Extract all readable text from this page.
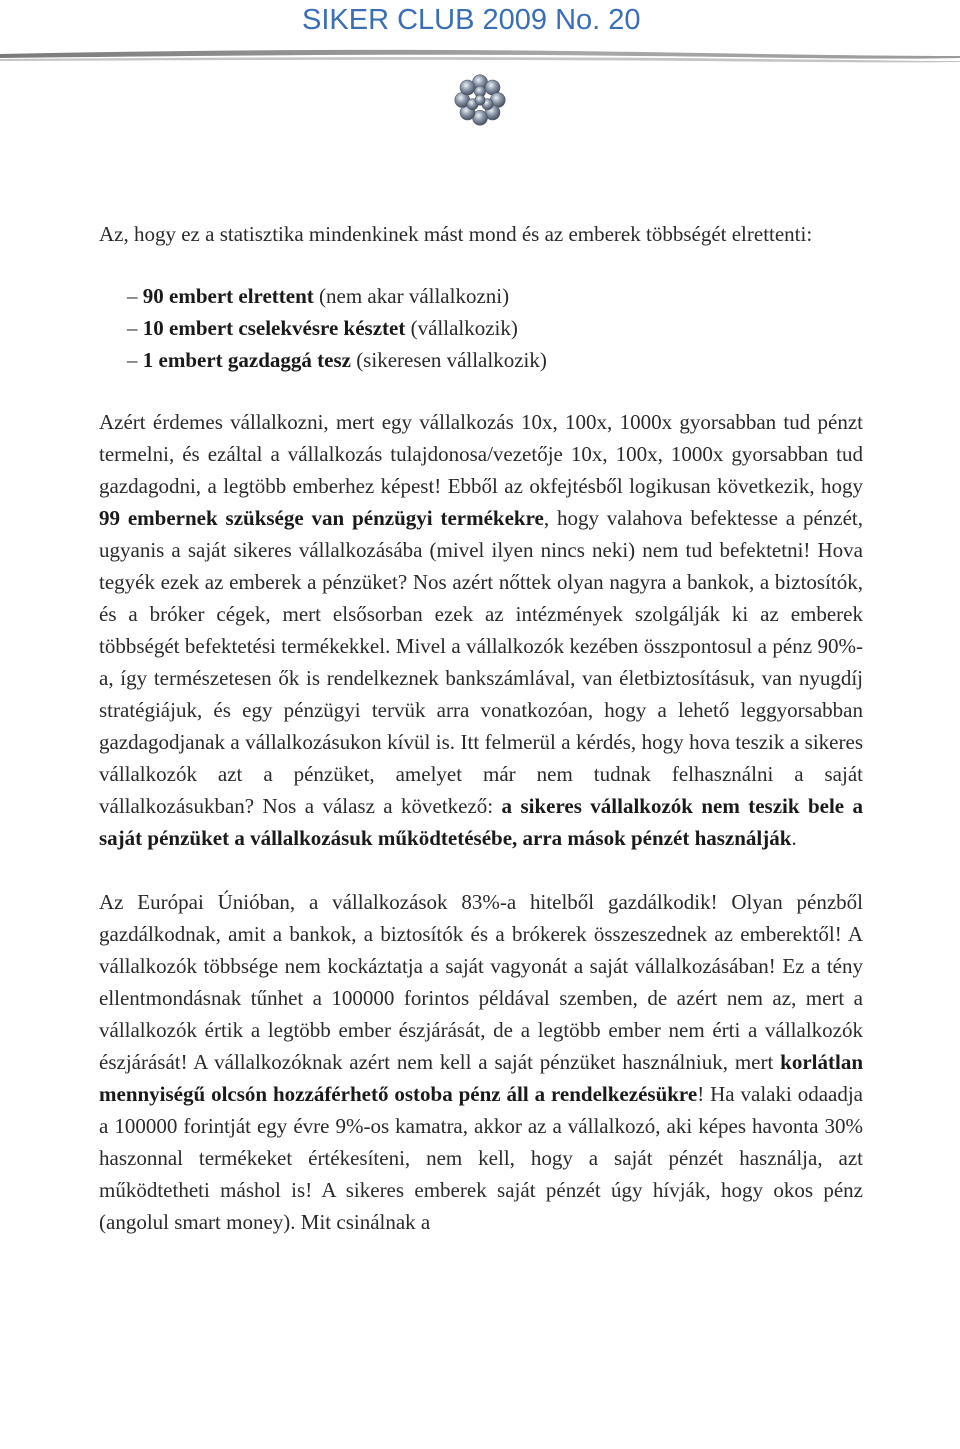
SIKER CLUB 2009 No. 20

Az, hogy ez a statisztika mindenkinek mást mond és az emberek többségét elrettenti:

– 90 embert elrettent (nem akar vállalkozni)
– 10 embert cselekvésre késztet (vállalkozik)
– 1 embert gazdaggá tesz (sikeresen vállalkozik)

Azért érdemes vállalkozni, mert egy vállalkozás 10x, 100x, 1000x gyorsabban tud pénzt termelni, és ezáltal a vállalkozás tulajdonosa/vezetője 10x, 100x, 1000x gyorsabban tud gazdagodni, a legtöbb emberhez képest! Ebből az okfejtésből logikusan következik, hogy 99 embernek szüksége van pénzügyi termékekre, hogy valahova befektesse a pénzét, ugyanis a saját sikeres vállalkozásába (mivel ilyen nincs neki) nem tud befektetni! Hova tegyék ezek az emberek a pénzüket? Nos azért nőttek olyan nagyra a bankok, a biztosítók, és a bróker cégek, mert elsősorban ezek az intézmények szolgálják ki az emberek többségét befektetési termékekkel. Mivel a vállalkozók kezében összpontosul a pénz 90%-a, így természetesen ők is rendelkeznek bankszámlával, van életbiztosításuk, van nyugdíj stratégiájuk, és egy pénzügyi tervük arra vonatkozóan, hogy a lehető leggyorsabban gazdagodjanak a vállalkozásukon kívül is. Itt felmerül a kérdés, hogy hova teszik a sikeres vállalkozók azt a pénzüket, amelyet már nem tudnak felhasználni a saját vállalkozásukban? Nos a válasz a következő: a sikeres vállalkozók nem teszik bele a saját pénzüket a vállalkozásuk működtetésébe, arra mások pénzét használják.

Az Európai Únióban, a vállalkozások 83%-a hitelből gazdálkodik! Olyan pénzből gazdálkodnak, amit a bankok, a biztosítók és a brókerek összeszednek az emberektől! A vállalkozók többsége nem kockáztatja a saját vagyonát a saját vállalkozásában! Ez a tény ellentmondásnak tűnhet a 100000 forintos példával szemben, de azért nem az, mert a vállalkozók értik a legtöbb ember észjárását, de a legtöbb ember nem érti a vállalkozók észjárását! A vállalkozóknak azért nem kell a saját pénzüket használniuk, mert korlátlan mennyiségű olcsón hozzáférhető ostoba pénz áll a rendelkezésükre! Ha valaki odaadja a 100000 forintját egy évre 9%-os kamatra, akkor az a vállalkozó, aki képes havonta 30% haszonnal termékeket értékesíteni, nem kell, hogy a saját pénzét használja, azt működtetheti máshol is! A sikeres emberek saját pénzét úgy hívják, hogy okos pénz (angolul smart money). Mit csinálnak a
